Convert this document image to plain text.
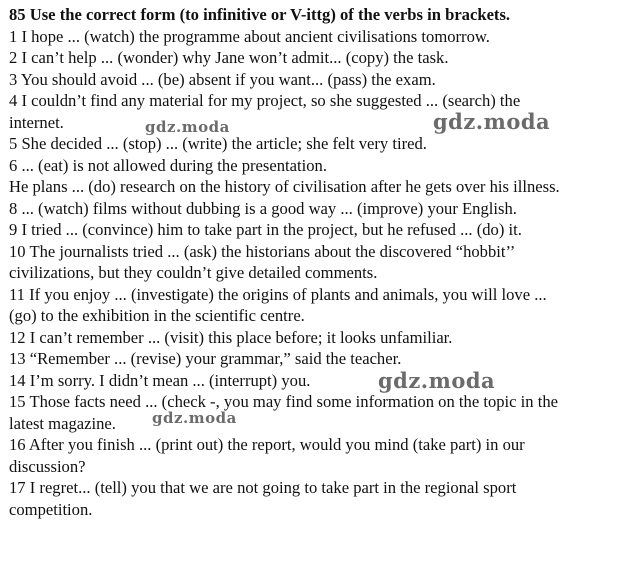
85 Use the correct form (to infinitive or V-ittg) of the verbs in brackets.
1 I hope ... (watch) the programme about ancient civilisations tomorrow.
2 I can’t help ... (wonder) why Jane won’t admit... (copy) the task.
3 You should avoid ... (be) absent if you want... (pass) the exam.
4 I couldn’t find any material for my project, so she suggested ... (search) the
internet.
5 She decided ... (stop) ... (write) the article; she felt very tired.
6 ... (eat) is not allowed during the presentation.
He plans ... (do) research on the history of civilisation after he gets over his illness.
8 ... (watch) films without dubbing is a good way ... (improve) your English.
9 I tried ... (convince) him to take part in the project, but he refused ... (do) it.
10 The journalists tried ... (ask) the historians about the discovered “hobbit’’
civilizations, but they couldn’t give detailed comments.
11 If you enjoy ... (investigate) the origins of plants and animals, you will love ...
(go) to the exhibition in the scientific centre.
12 I can’t remember ... (visit) this place before; it looks unfamiliar.
13 “Remember ... (revise) your grammar,” said the teacher.
14 I’m sorry. I didn’t mean ... (interrupt) you.
15 Those facts need ... (check -, you may find some information on the topic in the
latest magazine.
16 After you finish ... (print out) the report, would you mind (take part) in our
discussion?
17 I regret... (tell) you that we are not going to take part in the regional sport
competition.
gdz.moda	gdz.moda
gdz.moda
gdz.moda
